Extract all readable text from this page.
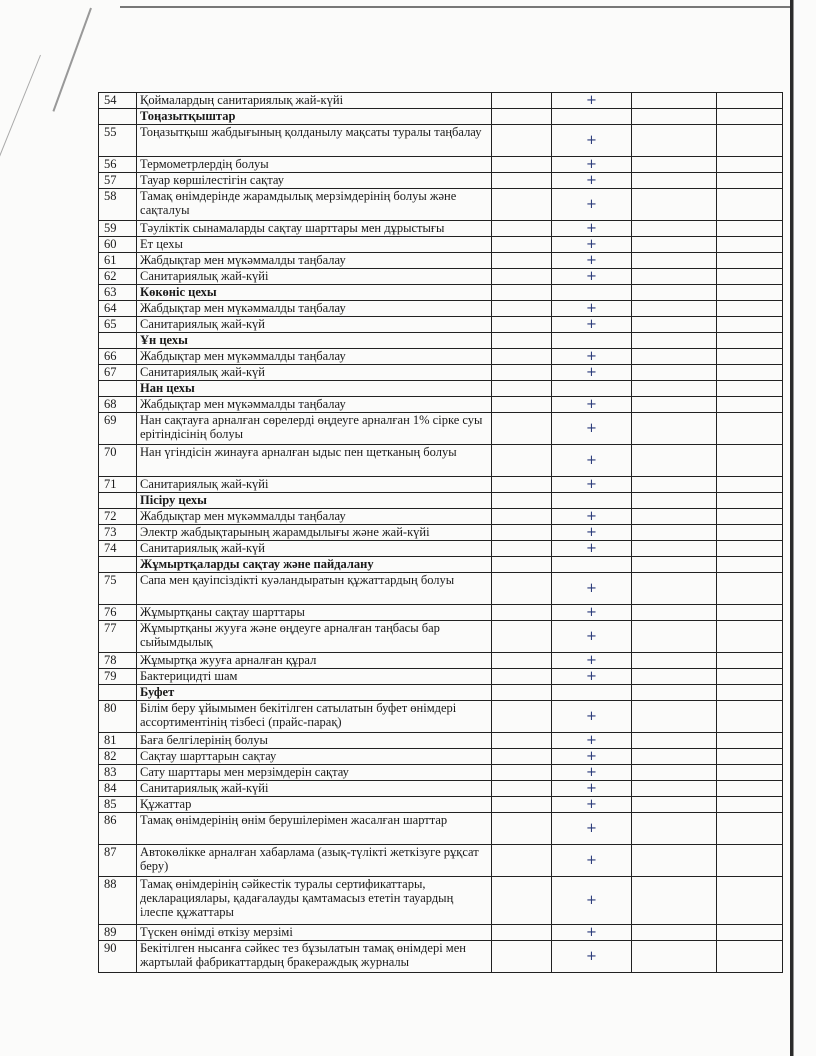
54	Қоймалардың санитариялық жай-күйі		+		
	Тоңазытқыштар				
55	Тоңазытқыш жабдығының қолданылу мақсаты туралы таңбалау		+		
56	Термометрлердің болуы		+		
57	Тауар көршілестігін сақтау		+		
58	Тамақ өнімдерінде жарамдылық мерзімдерінің болуы және сақталуы		+		
59	Тәуліктік сынамаларды сақтау шарттары мен дұрыстығы		+		
60	Ет цехы		+		
61	Жабдықтар мен мүкәммалды таңбалау		+		
62	Санитариялық жай-күйі		+		
63	Көкөніс цехы				
64	Жабдықтар мен мүкәммалды таңбалау		+		
65	Санитариялық жай-күй		+		
	Ұн цехы				
66	Жабдықтар мен мүкәммалды таңбалау		+		
67	Санитариялық жай-күй		+		
	Нан цехы				
68	Жабдықтар мен мүкәммалды таңбалау		+		
69	Нан сақтауға арналған сөрелерді өңдеуге арналған 1% сірке суы ерітіндісінің болуы		+		
70	Нан үгіндісін жинауға арналған ыдыс пен щетканың болуы		+		
71	Санитариялық жай-күйі		+		
	Пісіру цехы				
72	Жабдықтар мен мүкәммалды таңбалау		+		
73	Электр жабдықтарының жарамдылығы және жай-күйі		+		
74	Санитариялық жай-күй		+		
	Жұмыртқаларды сақтау және пайдалану				
75	Сапа мен қауіпсіздікті куәландыратын құжаттардың болуы		+		
76	Жұмыртқаны сақтау шарттары		+		
77	Жұмыртқаны жууға және өңдеуге арналған таңбасы бар сыйымдылық		+		
78	Жұмыртқа жууға арналған құрал		+		
79	Бактерицидті шам		+		
	Буфет				
80	Білім беру ұйымымен бекітілген сатылатын буфет өнімдері ассортиментінің тізбесі (прайс-парақ)		+		
81	Баға белгілерінің болуы		+		
82	Сақтау шарттарын сақтау		+		
83	Сату шарттары мен мерзімдерін сақтау		+		
84	Санитариялық жай-күйі		+		
85	Құжаттар		+		
86	Тамақ өнімдерінің өнім берушілерімен жасалған шарттар		+		
87	Автокөлікке арналған хабарлама (азық-түлікті жеткізуге рұқсат беру)		+		
88	Тамақ өнімдерінің сәйкестік туралы сертификаттары, декларациялары, қадағалауды қамтамасыз ететін тауардың ілеспе құжаттары		+		
89	Түскен өнімді өткізу мерзімі		+		
90	Бекітілген нысанға сәйкес тез бұзылатын тамақ өнімдері мен жартылай фабрикаттардың бракераждық журналы		+		
